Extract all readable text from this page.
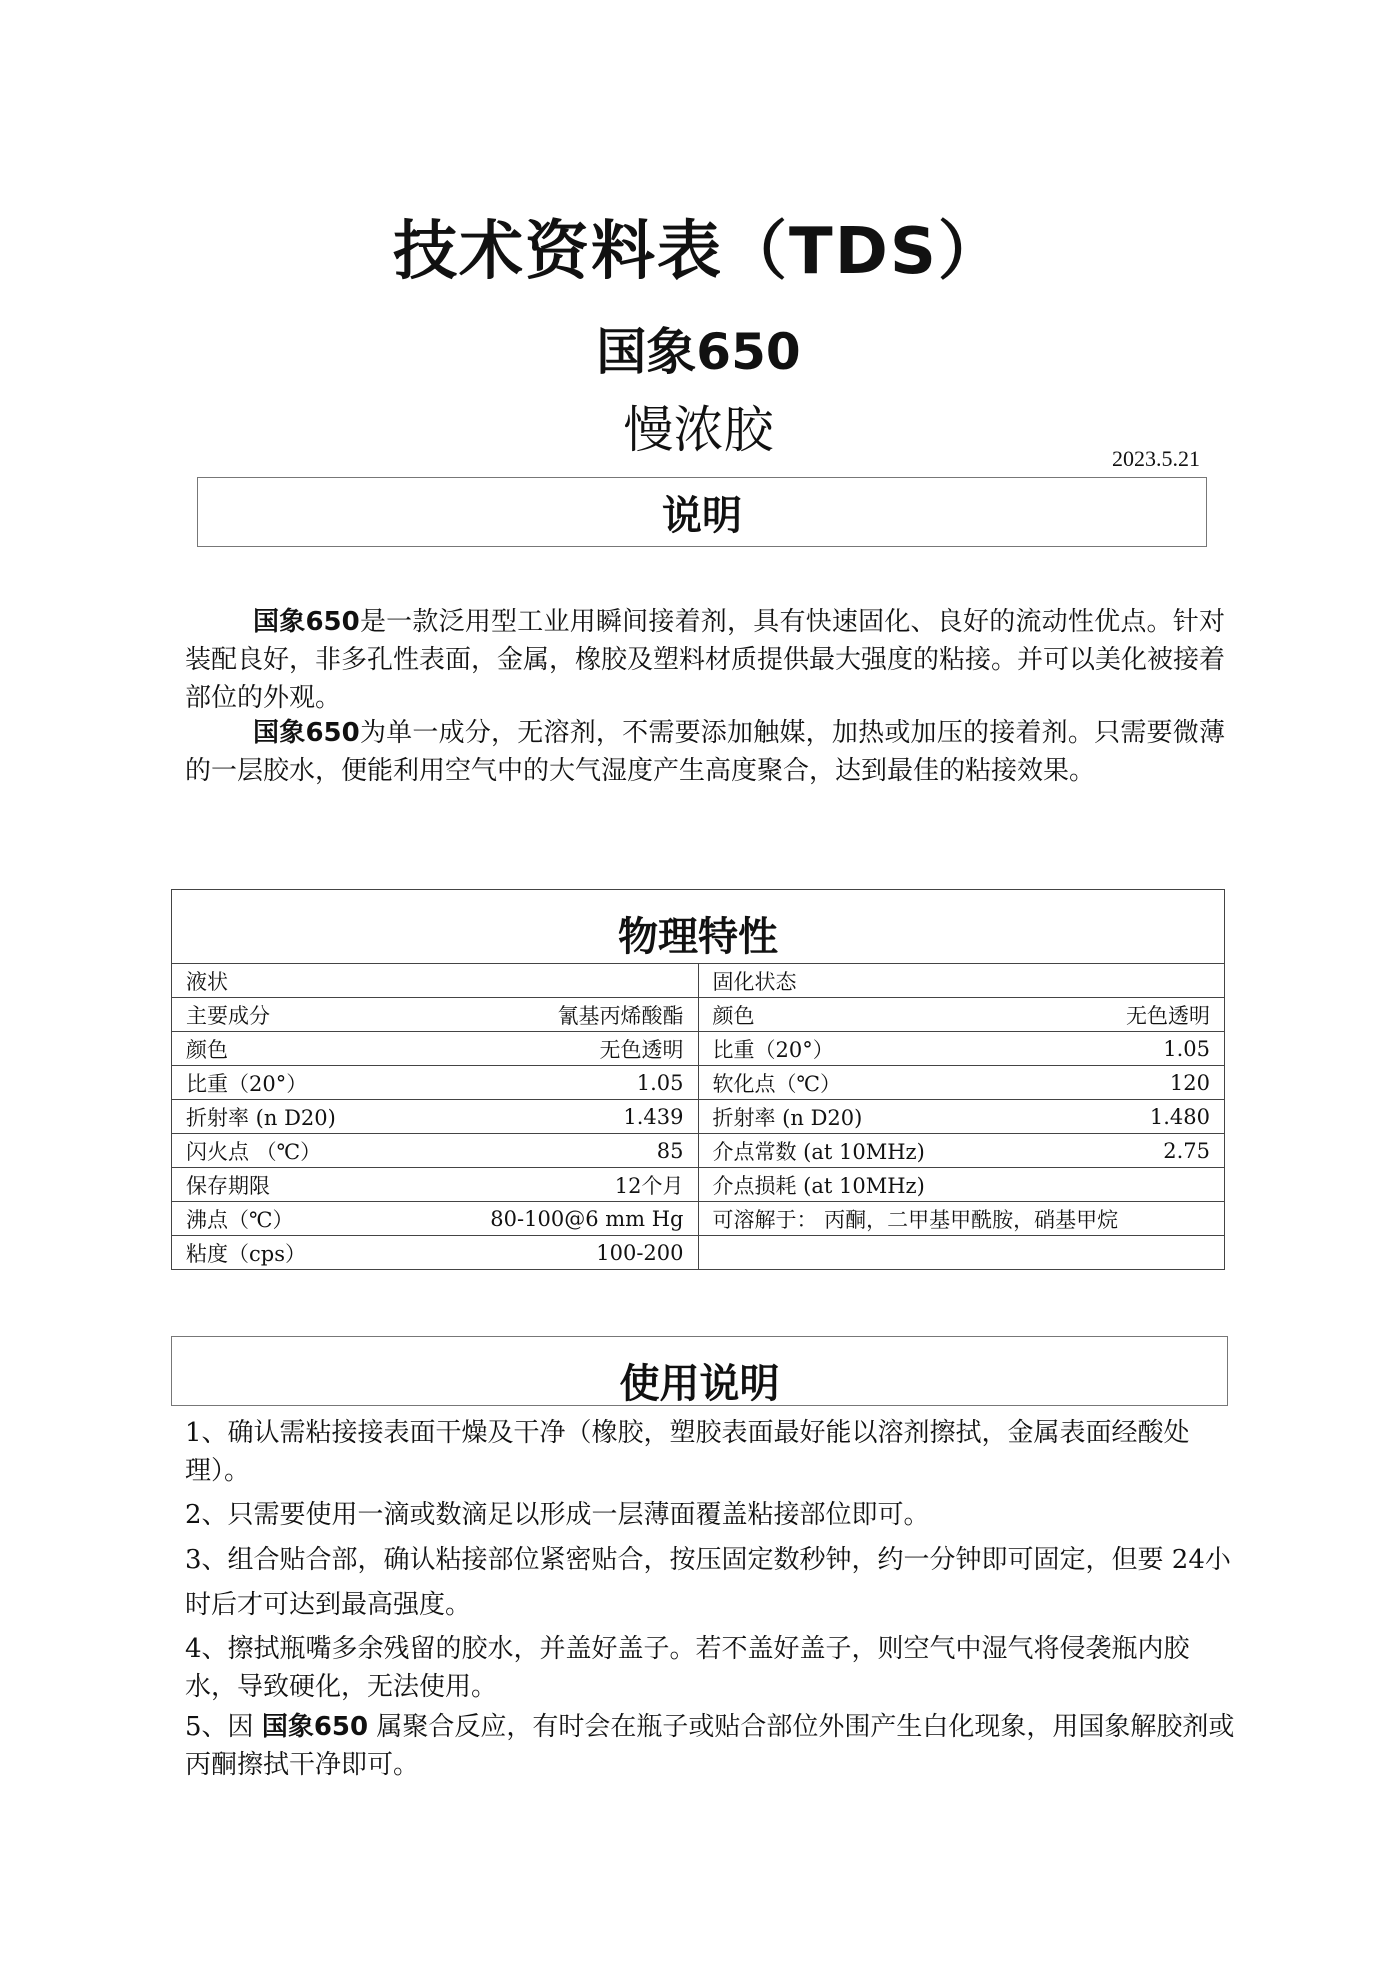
技术资料表（TDS）
国象650
慢浓胶	2023.5.21
说明
国象650是一款泛用型工业用瞬间接着剂，具有快速固化、良好的流动性优点。针对装配良好，非多孔性表面，金属，橡胶及塑料材质提供最大强度的粘接。并可以美化被接着部位的外观。
国象650为单一成分，无溶剂，不需要添加触媒，加热或加压的接着剂。只需要微薄的一层胶水，便能利用空气中的大气湿度产生高度聚合，达到最佳的粘接效果。
物理特性	
液状	固化状态

主要成分 氰基丙烯酸酯	颜色 无色透明

颜色 无色透明	比重（20°） 1.05

比重（20°） 1.05	软化点（℃） 120

折射率 (n D20) 1.439	折射率 (n D20) 1.480

闪火点 （℃） 85	介点常数 (at 10MHz) 2.75

保存期限 12个月	介点损耗 (at 10MHz)

沸点（℃） 80-100@6 mm Hg	可溶解于： 丙酮，二甲基甲酰胺，硝基甲烷

粘度（cps） 100-200	

使用说明
1、确认需粘接接表面干燥及干净（橡胶，塑胶表面最好能以溶剂擦拭，金属表面经酸处理）。
2、只需要使用一滴或数滴足以形成一层薄面覆盖粘接部位即可。
3、组合贴合部，确认粘接部位紧密贴合，按压固定数秒钟，约一分钟即可固定，但要 24小时后才可达到最高强度。
4、擦拭瓶嘴多余残留的胶水，并盖好盖子。若不盖好盖子，则空气中湿气将侵袭瓶内胶水，导致硬化，无法使用。
5、因 国象650 属聚合反应，有时会在瓶子或贴合部位外围产生白化现象，用国象解胶剂或丙酮擦拭干净即可。
